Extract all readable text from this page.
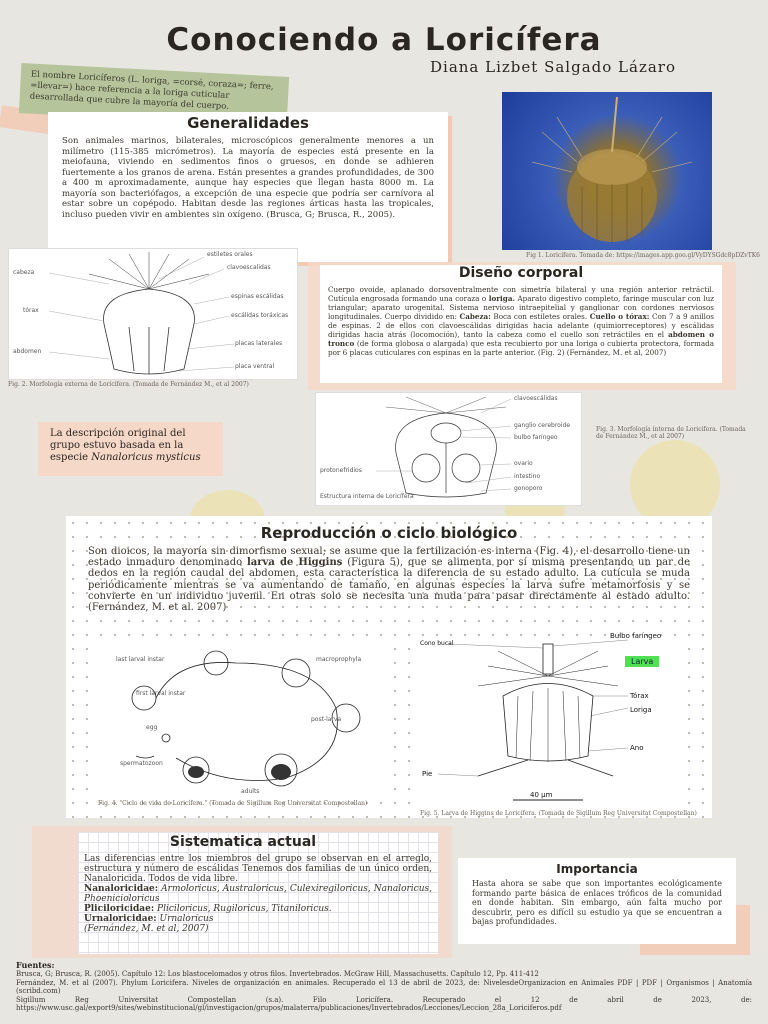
Conociendo a Loricífera
Diana Lizbet Salgado Lázaro
El nombre Loricíferos (L. loriga, =corsé, coraza=; ferre, =llevar=) hace referencia a la loriga cuticular desarrollada que cubre la mayoría del cuerpo.
Generalidades
Son animales marinos, bilaterales, microscópicos generalmente menores a un milímetro (115-385 micrómetros). La mayoría de especies está presente en la meiofauna, viviendo en sedimentos finos o gruesos, en donde se adhieren fuertemente a los granos de arena. Están presentes a grandes profundidades, de 300 a 400 m aproximadamente, aunque hay especies que llegan hasta 8000 m. La mayoría son bacteriófagos, a excepción de una especie que podría ser carnívora al estar sobre un copépodo. Habitan desde las regiones árticas hasta las tropicales, incluso pueden vivir en ambientes sin oxígeno. (Brusca, G; Brusca, R., 2005).
Fig 1. Loricífera. Tomada de: https://images.app.goo.gl/VyDYSGdc8pDZvTK6
estiletes orales
clavoescalidas
cabeza
espinas escálidas
escálidas toráxicas
tórax
placas laterales
abdomen
placa ventral
Fig. 2. Morfología externa de Loricifera. (Tomada de Fernández M., et al 2007)
Diseño corporal
Cuerpo ovoide, aplanado dorsoventralmente con simetría bilateral y una región anterior retráctil. Cutícula engrosada formando una coraza o loriga. Aparato digestivo completo, faringe muscular con luz triangular; aparato urogenital. Sistema nervioso intraepitelial y ganglionar con cordones nerviosos longitudinales. Cuerpo dividido en: Cabeza: Boca con estiletes orales. Cuello o tórax: Con 7 a 9 anillos de espinas. 2 de ellos con clavoescálidas dirigidas hacia adelante (quimiorreceptores) y escálidas dirigidas hacia atrás (locomoción), tanto la cabeza como el cuello son retráctiles en el abdomen o tronco (de forma globosa o alargada) que esta recubierto por una loriga o cubierta protectora, formada por 6 placas cuticulares con espinas en la parte anterior. (Fig. 2) (Fernández, M. et al, 2007)
La descripción original del grupo estuvo basada en la especie Nanaloricus mysticus
clavoescálidas
ganglio cerebroide
bulbo faríngeo
ovario
intestino
protonefridios
gonoporo
Estructura interna de Loricífera
Fig. 3. Morfología interna de Loricifera. (Tomada de Fernández M., et al 2007)
Reproducción o ciclo biológico
Son dioicos, la mayoría sin dimorfismo sexual; se asume que la fertilización es interna (Fig. 4), el desarrollo tiene un estado inmaduro denominado larva de Higgins (Figura 5), que se alimenta por sí misma presentando un par de dedos en la región caudal del abdomen, esta característica la diferencia de su estado adulto. La cutícula se muda periódicamente mientras se va aumentando de tamaño, en algunas especies la larva sufre metamorfosis y se convierte en un individuo juvenil. En otras solo se necesita una muda para pasar directamente al estado adulto. (Fernández, M. et al. 2007)
last larval instar	macroprophyla
first larval instar
post-larva
egg
spermatozoon
adults
Fig. 4. "Ciclo de vida de Loricífera." (Tomada de Sigillum Reg Universitat Compostellan)
Cono bucal
Bulbo faríngeo
Tórax
Loriga
Ano
Pie
Larva
40 µm
Fig. 5. Larva de Higgins de Loricífera. (Tomada de Sigillum Reg Universitat Compostellan)
Sistematica actual
Las diferencias entre los miembros del grupo se observan en el arreglo, estructura y número de escálidas Tenemos dos familias de un único orden, Nanaloricida. Todos de vida libre.
Nanaloricidae: Armoloricus, Australoricus, Culexiregiloricus, Nanaloricus, Phoenicioloricus
Pliciloricidae: Pliciloricus, Rugiloricus, Titaniloricus.
Urnaloricidae: Urnaloricus
(Fernández, M. et al, 2007)
Importancia
Hasta ahora se sabe que son importantes ecológicamente formando parte básica de enlaces tróficos de la comunidad en donde habitan. Sin embargo, aún falta mucho por descubrir, pero es difícil su estudio ya que se encuentran a bajas profundidades.
Fuentes:
Brusca, G; Brusca, R. (2005). Capítulo 12: Los blastocelomados y otros filos. Invertebrados. McGraw Hill, Massachusetts. Capítulo 12, Pp. 411-412
Fernández, M. et al (2007). Phylum Loricifera. Niveles de organización en animales. Recuperado el 13 de abril de 2023, de: NivelesdeOrganizacion en Animales PDF | PDF | Organismos | Anatomía (scribd.com)
Sigillum Reg Universitat Compostellan (s.a). Filo Loricífera. Recuperado el 12 de abril de 2023, de: https://www.usc.gal/export9/sites/webinstitucional/gl/investigacion/grupos/malaterra/publicaciones/Invertebrados/Lecciones/Leccion_28a_Loriciferos.pdf
